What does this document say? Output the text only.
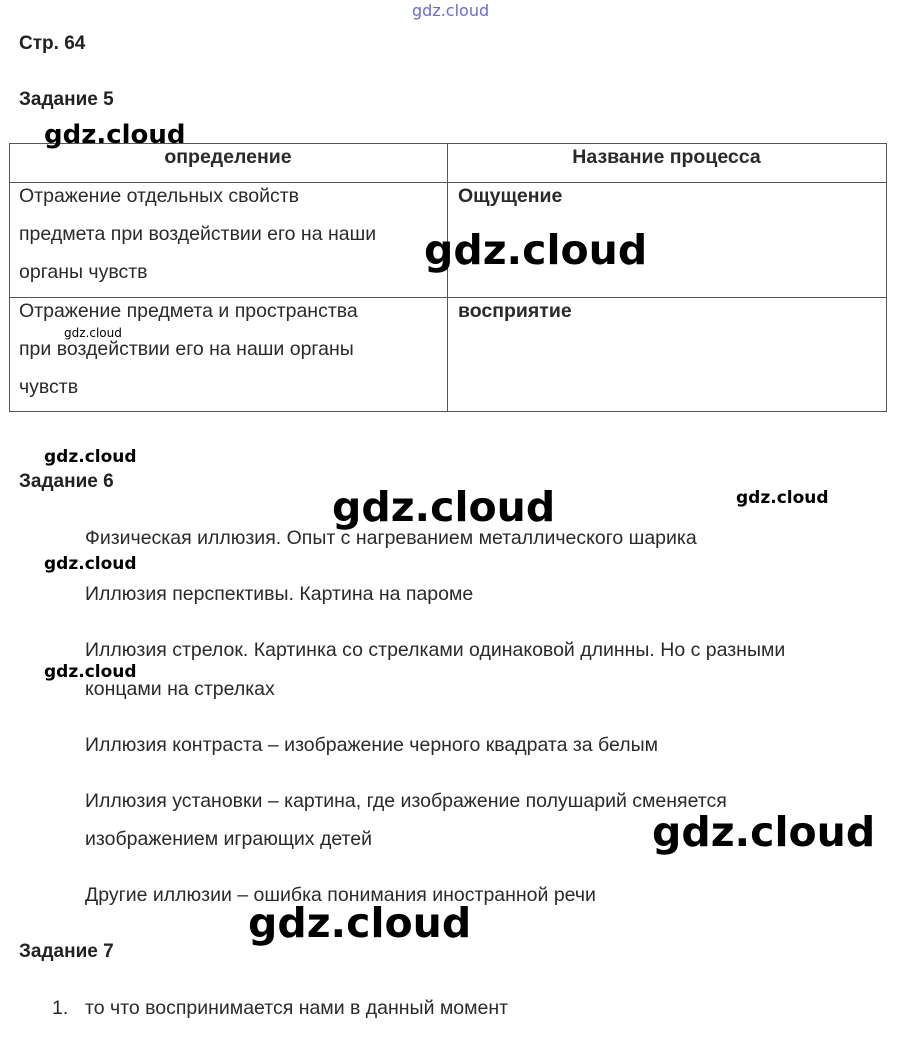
gdz.cloud
Стр. 64
Задание 5
определение	Название процесса
Отражение отдельных свойств
предмета при воздействии его на наши
органы чувств
Ощущение
Отражение предмета и пространства
при воздействии его на наши органы
чувств
восприятие
Задание 6
Физическая иллюзия. Опыт с нагреванием металлического шарика
Иллюзия перспективы. Картина на пароме
Иллюзия стрелок. Картинка со стрелками одинаковой длинны. Но с разными
концами на стрелках
Иллюзия контраста – изображение черного квадрата за белым
Иллюзия установки – картина, где изображение полушарий сменяется
изображением играющих детей
Другие иллюзии – ошибка понимания иностранной речи
Задание 7
1. то что воспринимается нами в данный момент
gdz.cloud
gdz.cloud
gdz.cloud
gdz.cloud
gdz.cloud	gdz.cloud
gdz.cloud
gdz.cloud
gdz.cloud
gdz.cloud
